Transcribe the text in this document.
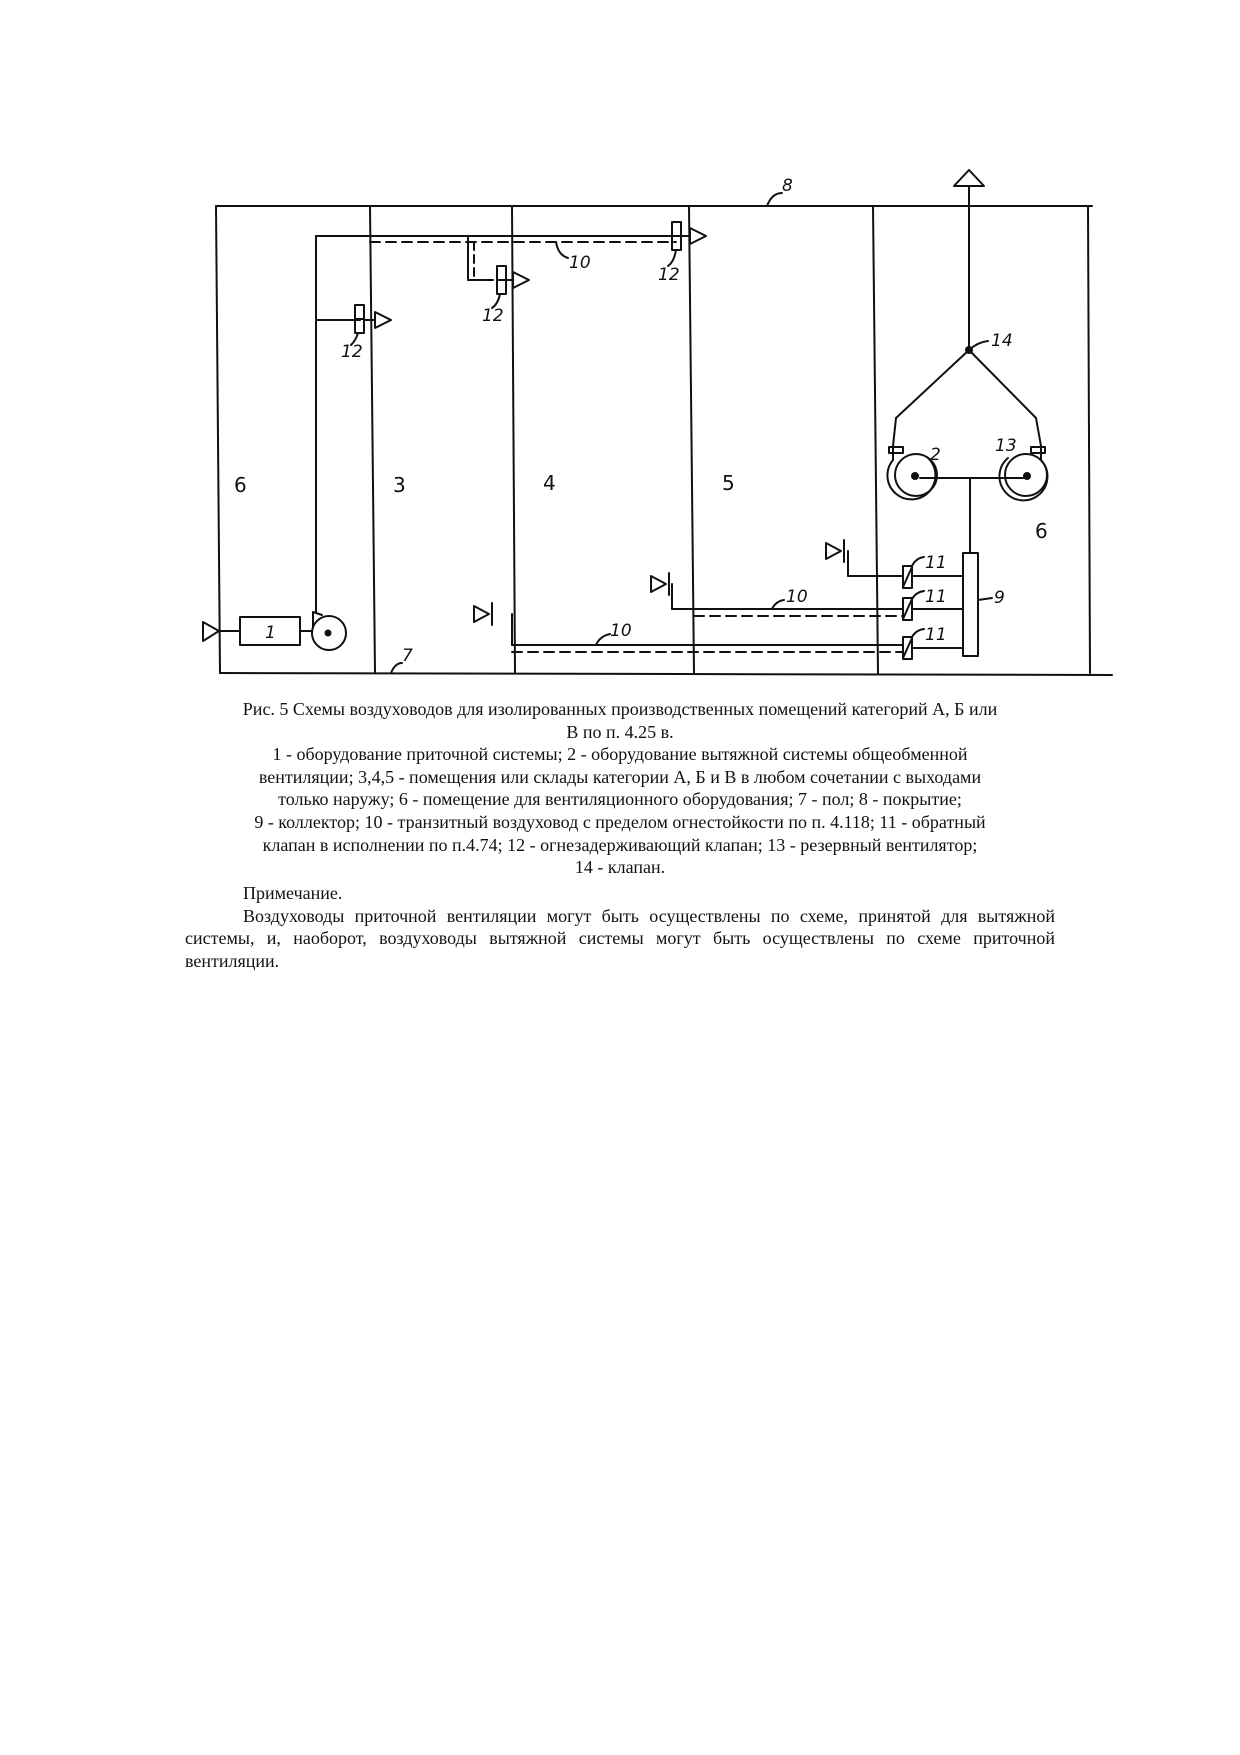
8
7
1
2	13
14
9
6
6
3	4	5
10
10
10
12
12
12
11
11
11
Рис. 5 Схемы воздуховодов для изолированных производственных помещений категорий А, Б или
В по п. 4.25 в.
1 - оборудование приточной системы; 2 - оборудование вытяжной системы общеобменной
вентиляции; 3,4,5 - помещения или склады категории А, Б и В в любом сочетании с выходами
только наружу; 6 - помещение для вентиляционного оборудования; 7 - пол; 8 - покрытие;
9 - коллектор; 10 - транзитный воздуховод с пределом огнестойкости по п. 4.118; 11 - обратный
клапан в исполнении по п.4.74; 12 - огнезадерживающий клапан; 13 - резервный вентилятор;
14 - клапан.
Примечание.
Воздуховоды приточной вентиляции могут быть осуществлены по схеме, принятой для вытяжной системы, и, наоборот, воздуховоды вытяжной системы могут быть осуществлены по схеме приточной вентиляции.
